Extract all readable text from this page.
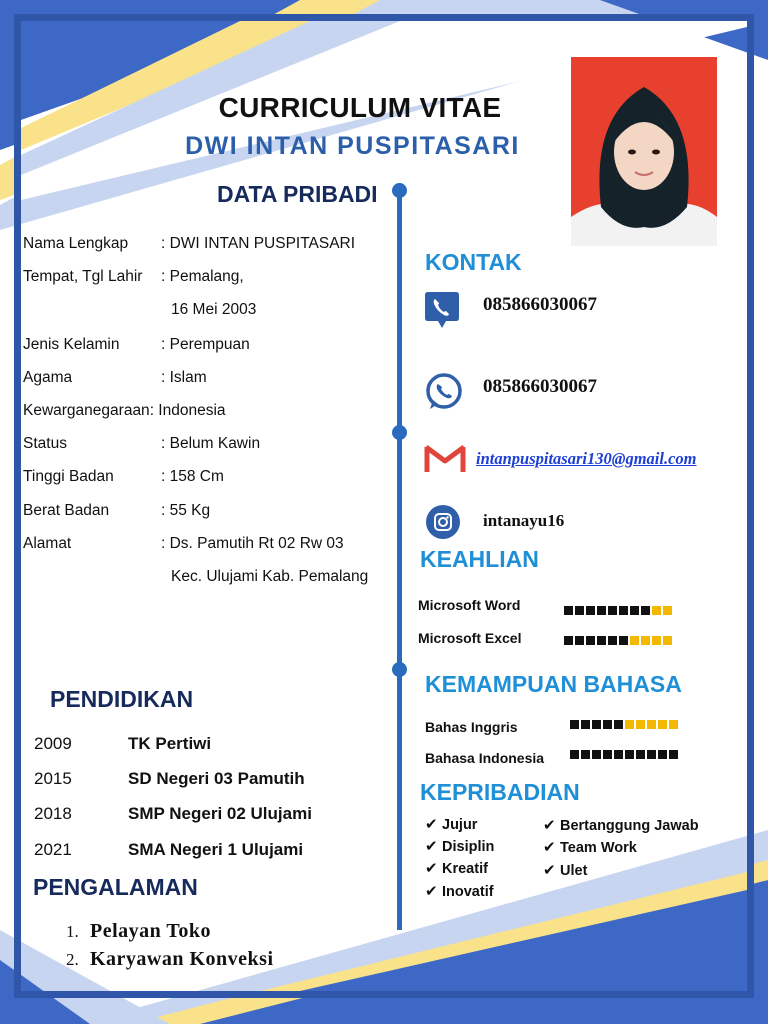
CURRICULUM VITAE
DWI INTAN PUSPITASARI
DATA PRIBADI
Nama Lengkap : DWI INTAN PUSPITASARI
Tempat, Tgl Lahir : Pemalang,
16 Mei 2003
Jenis Kelamin	: Perempuan
Agama	: Islam
Kewarganegaraan: Indonesia
Status	: Belum Kawin
Tinggi Badan	: 158 Cm
Berat Badan	: 55 Kg
Alamat	: Ds. Pamutih Rt 02 Rw 03
Kec. Ulujami Kab. Pemalang
PENDIDIKAN
2009	TK Pertiwi
2015	SD Negeri 03 Pamutih
2018	SMP Negeri 02 Ulujami
2021	SMA Negeri 1 Ulujami
PENGALAMAN
1. Pelayan Toko
2. Karyawan Konveksi
KONTAK
085866030067
085866030067
intanpuspitasari130@gmail.com
intanayu16
KEAHLIAN
Microsoft Word
Microsoft Excel
KEMAMPUAN BAHASA
Bahas Inggris
Bahasa Indonesia
KEPRIBADIAN
✔ Jujur
✔ Disiplin
✔ Kreatif
✔ Inovatif
✔ Bertanggung Jawab
✔ Team Work
✔ Ulet
